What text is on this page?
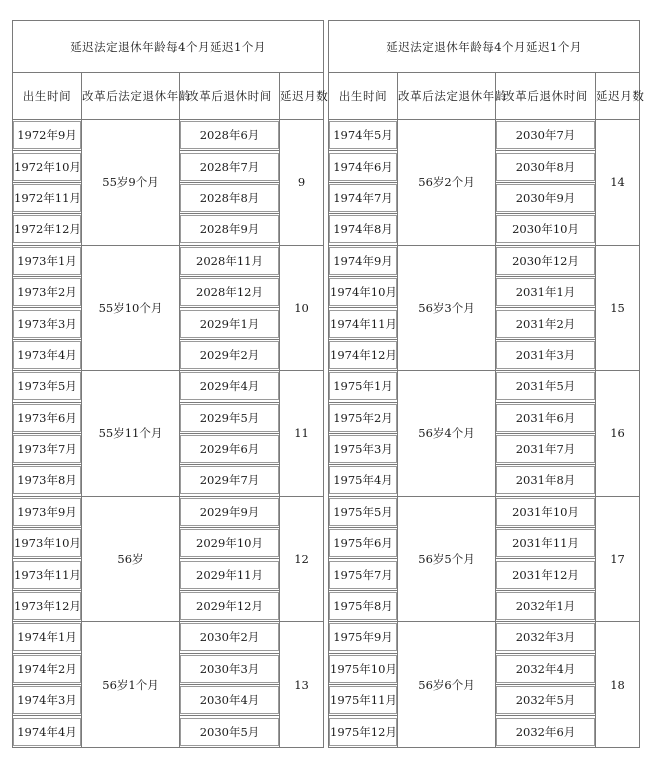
延迟法定退休年龄每4个月延迟1个月			
出生时间	改革后法定退休年龄	改革后退休时间	延迟月数

1972年9月	55岁9个月	2028年6月	9

1972年10月		2028年7月	

1972年11月		2028年8月	

1972年12月		2028年9月	

1973年1月	55岁10个月	2028年11月	10

1973年2月		2028年12月	

1973年3月		2029年1月	

1973年4月		2029年2月	

1973年5月	55岁11个月	2029年4月	11

1973年6月		2029年5月	

1973年7月		2029年6月	

1973年8月		2029年7月	

1973年9月	56岁	2029年9月	12

1973年10月		2029年10月	

1973年11月		2029年11月	

1973年12月		2029年12月	

1974年1月	56岁1个月	2030年2月	13

1974年2月		2030年3月	

1974年3月		2030年4月	

1974年4月		2030年5月	
延迟法定退休年龄每4个月延迟1个月			
出生时间	改革后法定退休年龄	改革后退休时间	延迟月数

1974年5月	56岁2个月	2030年7月	14

1974年6月		2030年8月	

1974年7月		2030年9月	

1974年8月		2030年10月	

1974年9月	56岁3个月	2030年12月	15

1974年10月		2031年1月	

1974年11月		2031年2月	

1974年12月		2031年3月	

1975年1月	56岁4个月	2031年5月	16

1975年2月		2031年6月	

1975年3月		2031年7月	

1975年4月		2031年8月	

1975年5月	56岁5个月	2031年10月	17

1975年6月		2031年11月	

1975年7月		2031年12月	

1975年8月		2032年1月	

1975年9月	56岁6个月	2032年3月	18

1975年10月		2032年4月	

1975年11月		2032年5月	

1975年12月		2032年6月	
